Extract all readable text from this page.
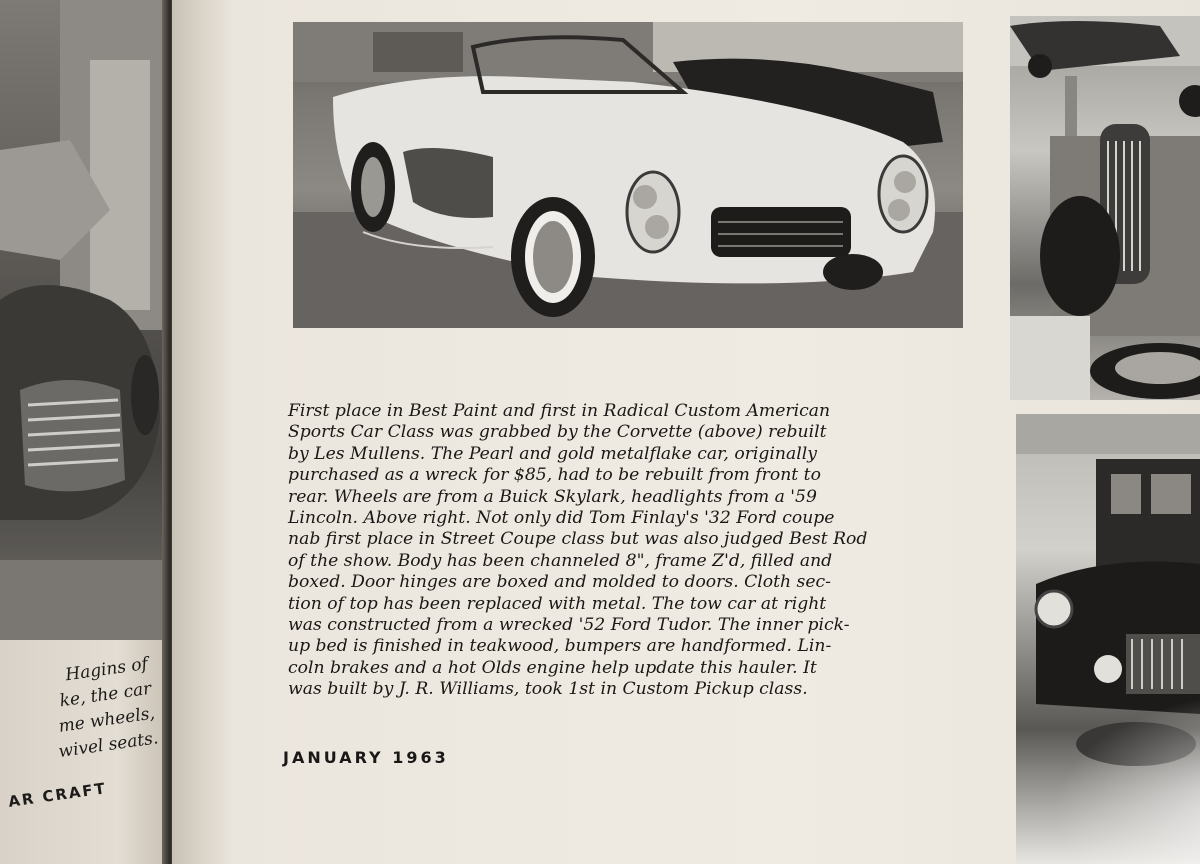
Hagins of
ke, the car
me wheels,
wivel seats.
AR CRAFT
First place in Best Paint and first in Radical Custom American
Sports Car Class was grabbed by the Corvette (above) rebuilt
by Les Mullens. The Pearl and gold metalflake car, originally
purchased as a wreck for $85, had to be rebuilt from front to
rear. Wheels are from a Buick Skylark, headlights from a '59
Lincoln. Above right. Not only did Tom Finlay's '32 Ford coupe
nab first place in Street Coupe class but was also judged Best Rod
of the show. Body has been channeled 8", frame Z'd, filled and
boxed. Door hinges are boxed and molded to doors. Cloth sec-
tion of top has been replaced with metal. The tow car at right
was constructed from a wrecked '52 Ford Tudor. The inner pick-
up bed is finished in teakwood, bumpers are handformed. Lin-
coln brakes and a hot Olds engine help update this hauler. It
was built by J. R. Williams, took 1st in Custom Pickup class.
JANUARY 1963
